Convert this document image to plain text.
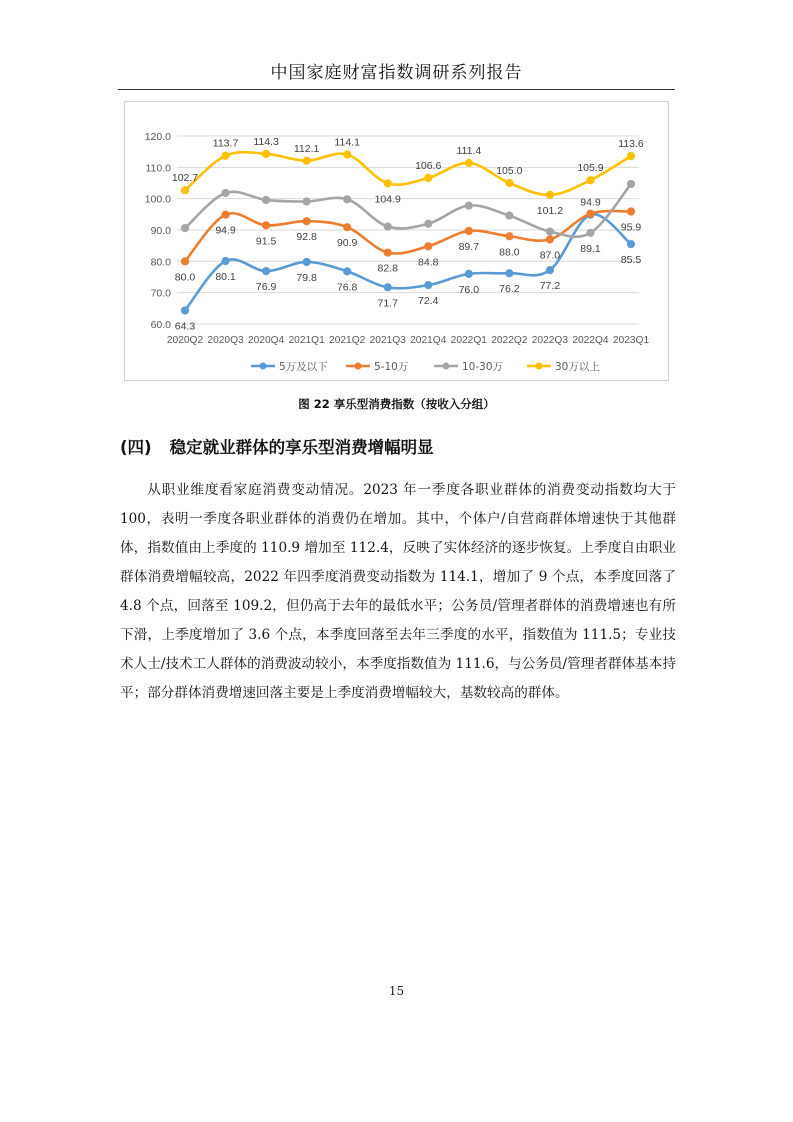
中国家庭财富指数调研系列报告
60.0
70.0
80.0
90.0
100.0
110.0
120.0
2020Q2 2020Q3 2020Q4 2021Q1 2021Q2 2021Q3 2021Q4 2022Q1 2022Q2 2022Q3 2022Q4 2023Q1
64.3
80.1
76.9
79.8
76.8
71.7 72.4
76.0 76.2 77.2
94.9
85.5
80.0
94.9
91.5 92.8 90.9
82.8
84.8
89.7 88.0 87.0
95.9
89.1
102.7
113.7 114.3
112.1
114.1
104.9
106.6
111.4
105.0
101.2
105.9
113.6
5万及以下	5-10万	10-30万	30万以上
图 22 享乐型消费指数（按收入分组）
(四) 稳定就业群体的享乐型消费增幅明显

从职业维度看家庭消费变动情况。2023 年一季度各职业群体的消费变动指数均大于 100，表明一季度各职业群体的消费仍在增加。其中，个体户/自营商群体增速快于其他群体，指数值由上季度的 110.9 增加至 112.4，反映了实体经济的逐步恢复。上季度自由职业群体消费增幅较高，2022 年四季度消费变动指数为 114.1，增加了 9 个点，本季度回落了 4.8 个点，回落至 109.2，但仍高于去年的最低水平；公务员/管理者群体的消费增速也有所下滑，上季度增加了 3.6 个点，本季度回落至去年三季度的水平，指数值为 111.5；专业技术人士/技术工人群体的消费波动较小，本季度指数值为 111.6，与公务员/管理者群体基本持平；部分群体消费增速回落主要是上季度消费增幅较大，基数较高的群体。

15
